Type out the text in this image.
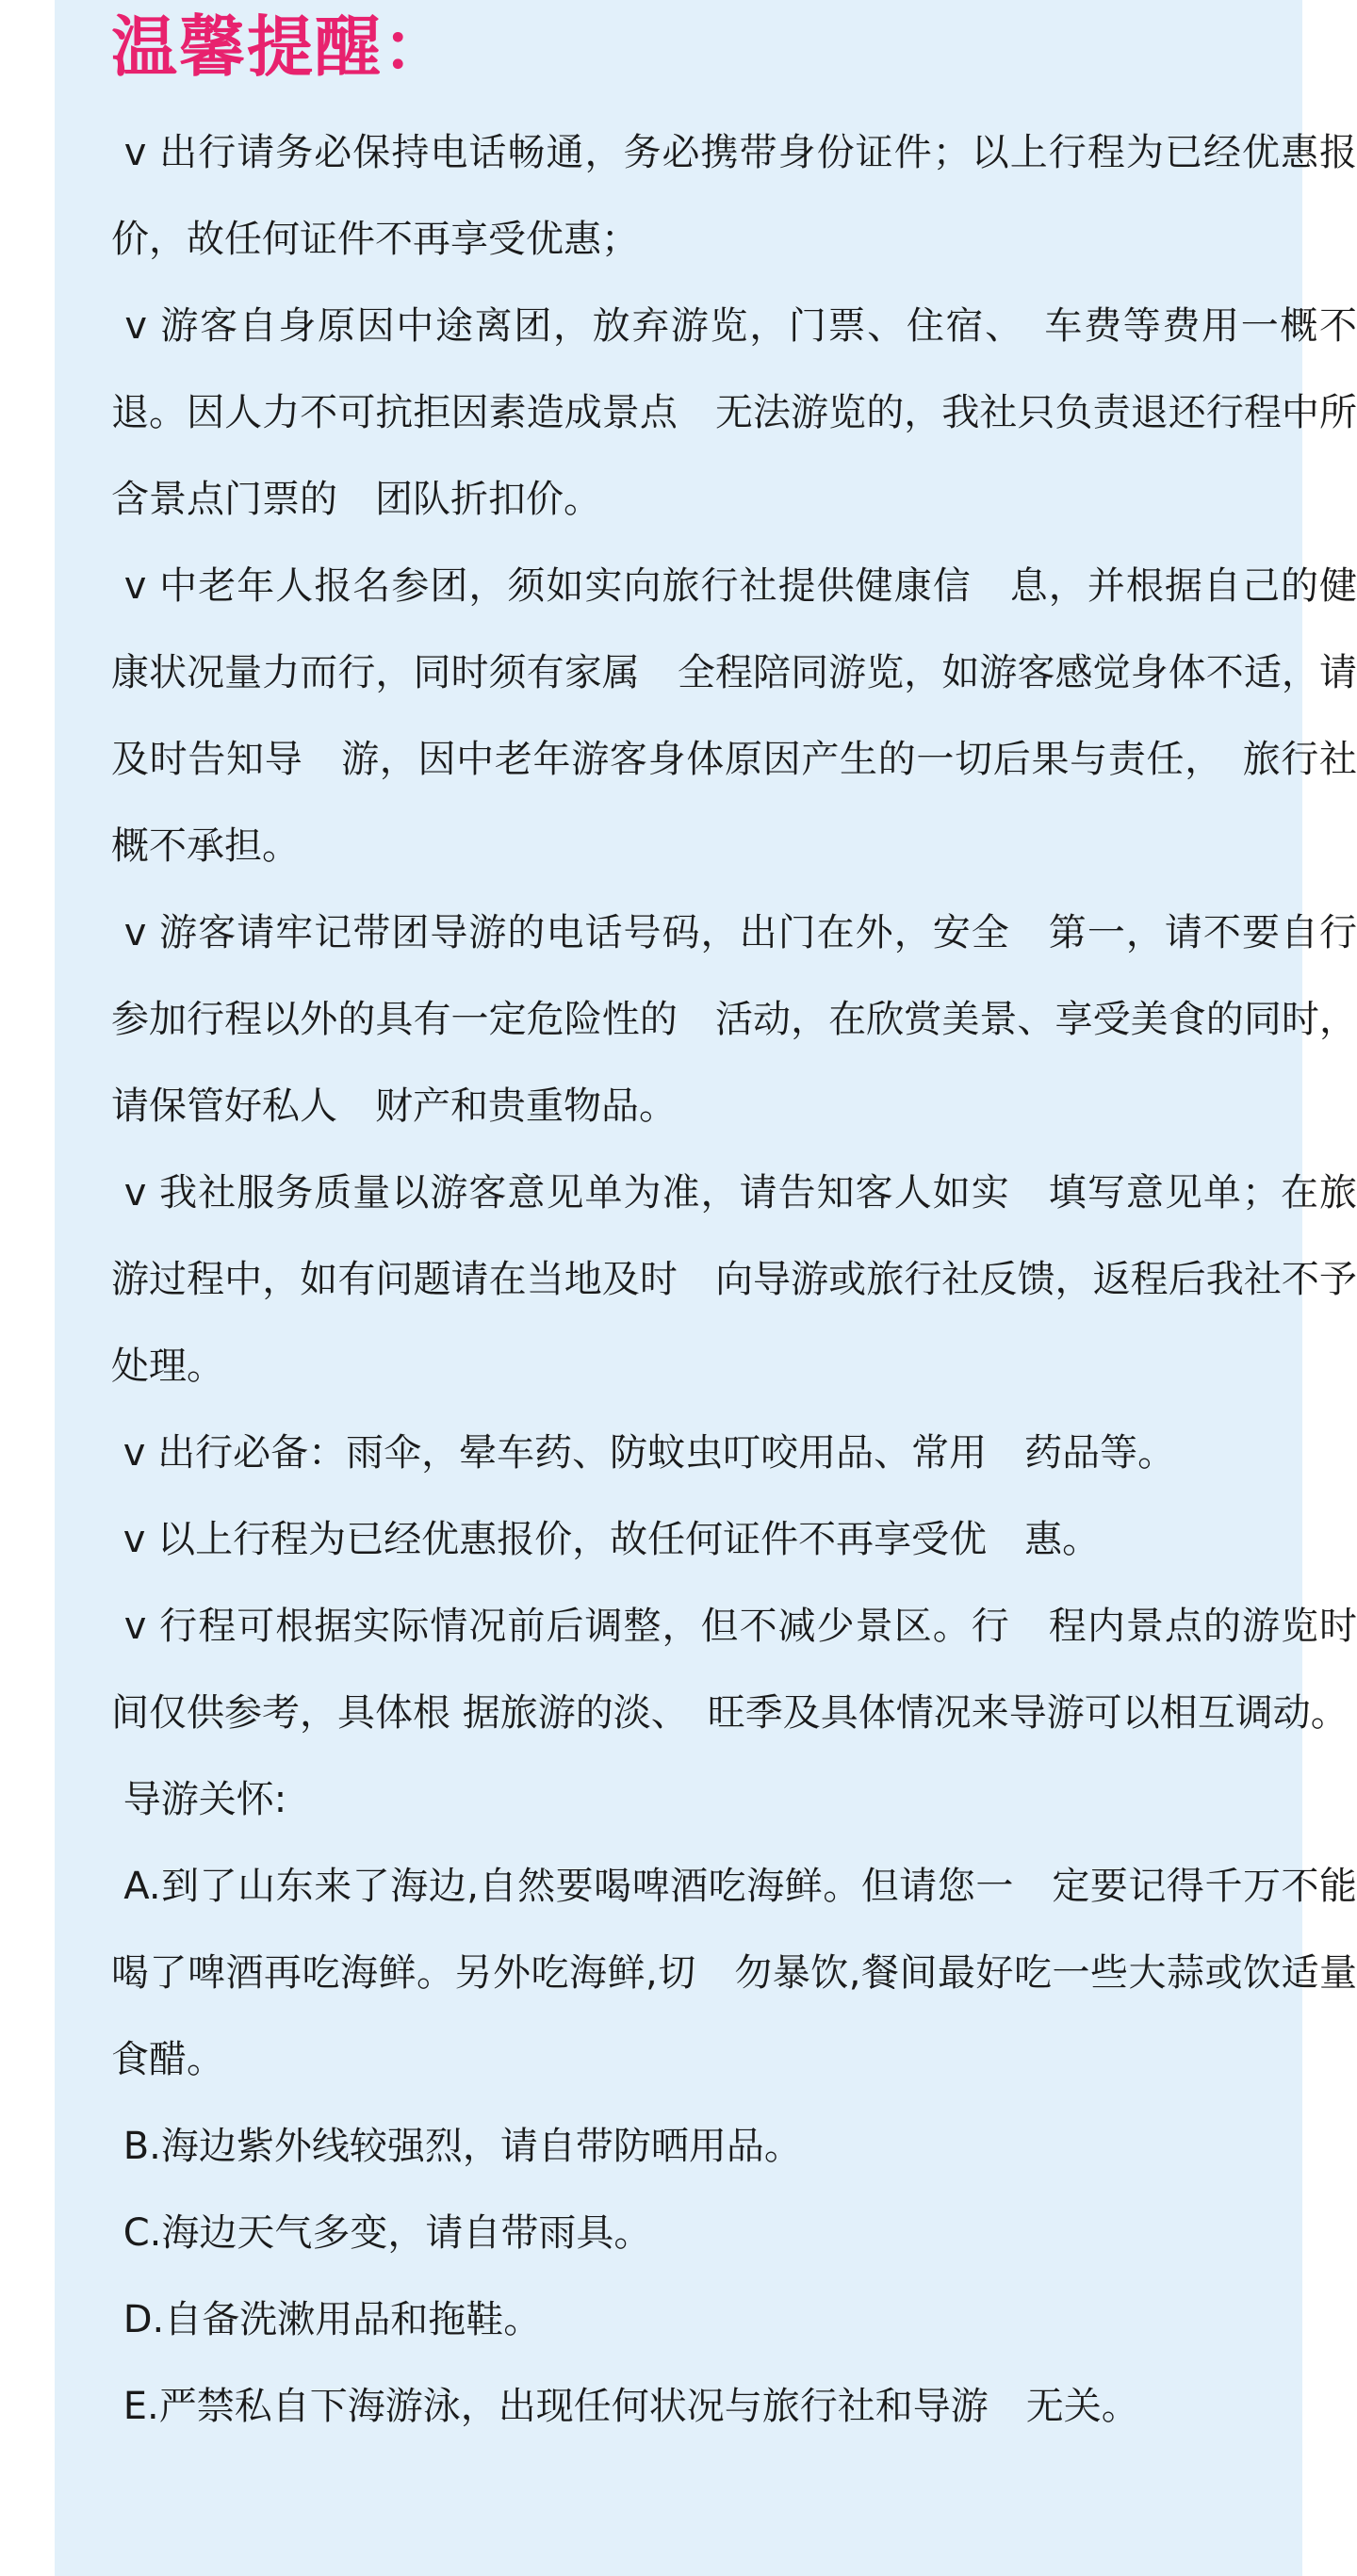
温馨提醒：

v 出行请务必保持电话畅通，务必携带身份证件；以上行程为已经优惠报价，故任何证件不再享受优惠；

v 游客自身原因中途离团，放弃游览，门票、住宿、　车费等费用一概不退。因人力不可抗拒因素造成景点　无法游览的，我社只负责退还行程中所含景点门票的　团队折扣价。

v 中老年人报名参团，须如实向旅行社提供健康信　息，并根据自己的健康状况量力而行，同时须有家属　全程陪同游览，如游客感觉身体不适，请及时告知导　游，因中老年游客身体原因产生的一切后果与责任，　旅行社概不承担。

v 游客请牢记带团导游的电话号码，出门在外，安全　第一，请不要自行参加行程以外的具有一定危险性的　活动，在欣赏美景、享受美食的同时，请保管好私人　财产和贵重物品。

v 我社服务质量以游客意见单为准，请告知客人如实　填写意见单；在旅游过程中，如有问题请在当地及时　向导游或旅行社反馈，返程后我社不予处理。

v 出行必备：雨伞，晕车药、防蚊虫叮咬用品、常用　药品等。

v 以上行程为已经优惠报价，故任何证件不再享受优　惠。

v 行程可根据实际情况前后调整，但不减少景区。行　程内景点的游览时间仅供参考，具体根 据旅游的淡、　旺季及具体情况来导游可以相互调动。

导游关怀:

A.到了山东来了海边,自然要喝啤酒吃海鲜。但请您一　定要记得千万不能喝了啤酒再吃海鲜。另外吃海鲜,切　勿暴饮,餐间最好吃一些大蒜或饮适量食醋。

B.海边紫外线较强烈，请自带防晒用品。

C.海边天气多变，请自带雨具。

D.自备洗漱用品和拖鞋。

E.严禁私自下海游泳，出现任何状况与旅行社和导游　无关。
